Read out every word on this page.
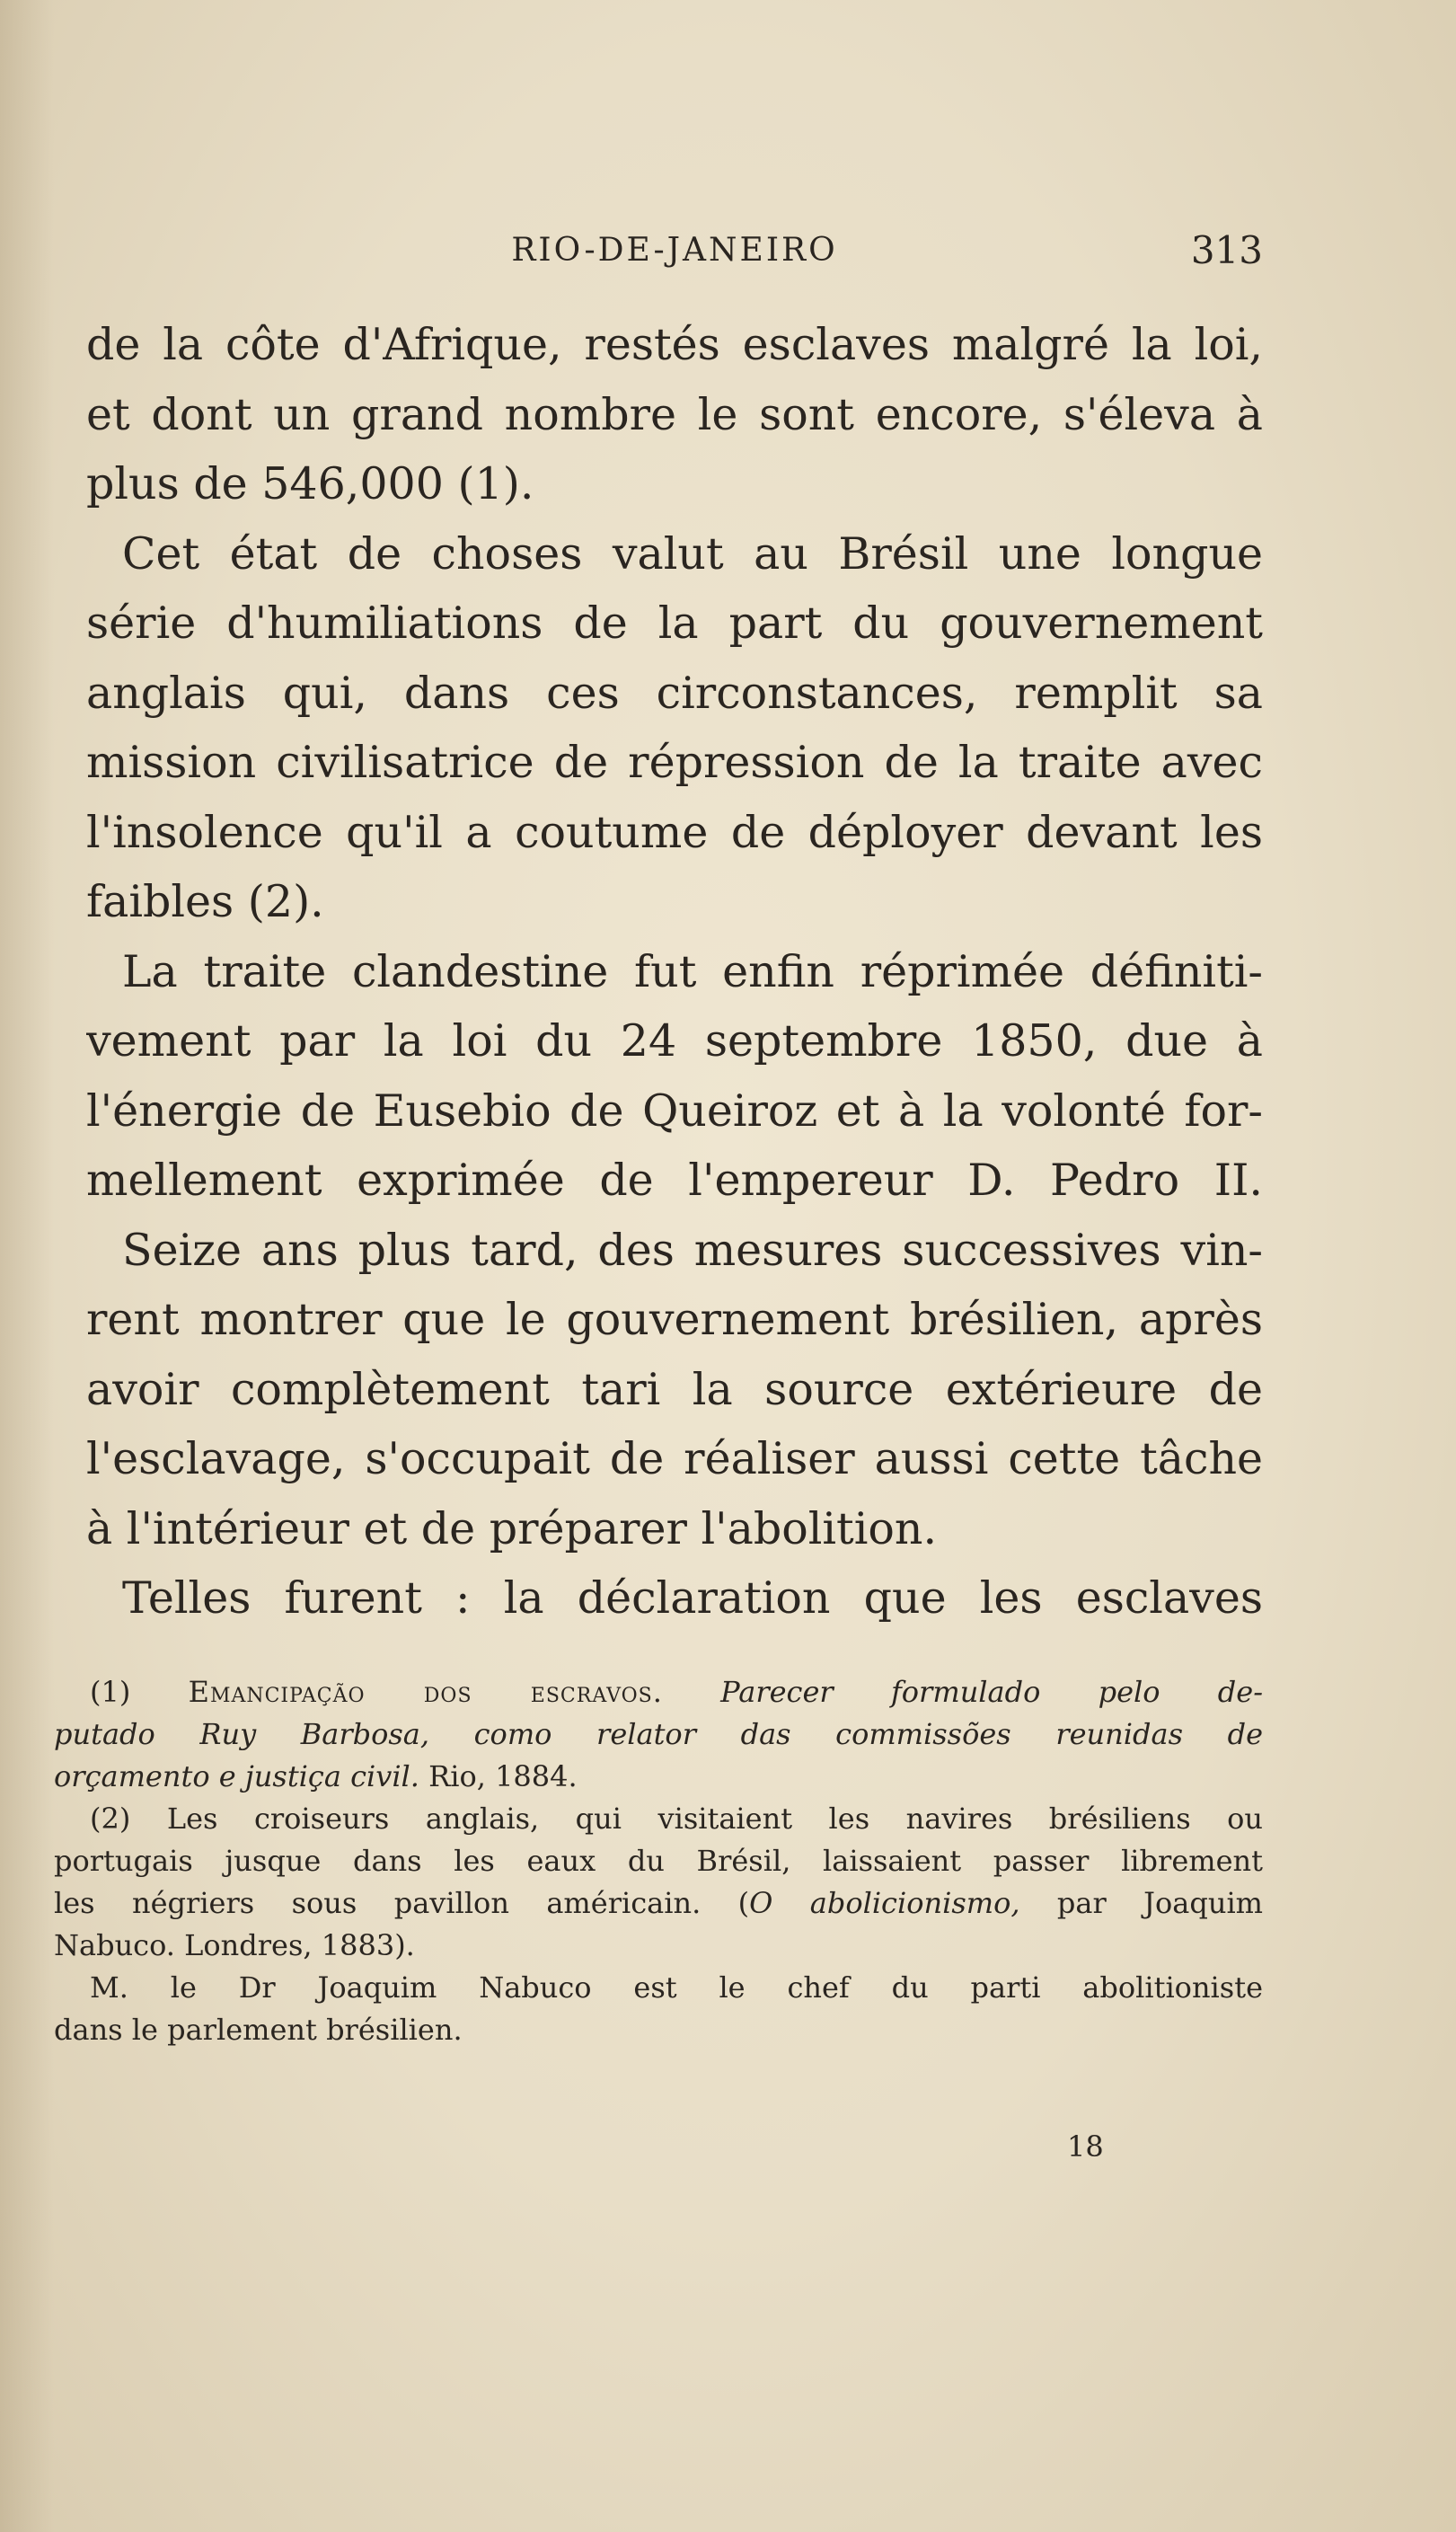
RIO-DE-JANEIRO	313
de la côte d'Afrique, restés esclaves malgré la loi,
et dont un grand nombre le sont encore, s'éleva à
plus de 546,000 (1).
Cet état de choses valut au Brésil une longue
série d'humiliations de la part du gouvernement
anglais qui, dans ces circonstances, remplit sa
mission civilisatrice de répression de la traite avec
l'insolence qu'il a coutume de déployer devant les
faibles (2).
La traite clandestine fut enfin réprimée définiti-
vement par la loi du 24 septembre 1850, due à
l'énergie de Eusebio de Queiroz et à la volonté for-
mellement exprimée de l'empereur D. Pedro II.
Seize ans plus tard, des mesures successives vin-
rent montrer que le gouvernement brésilien, après
avoir complètement tari la source extérieure de
l'esclavage, s'occupait de réaliser aussi cette tâche
à l'intérieur et de préparer l'abolition.
Telles furent : la déclaration que les esclaves
(1) Emancipação dos escravos. Parecer formulado pelo de-
putado Ruy Barbosa, como relator das commissões reunidas de
orçamento e justiça civil. Rio, 1884.
(2) Les croiseurs anglais, qui visitaient les navires brésiliens ou
portugais jusque dans les eaux du Brésil, laissaient passer librement
les négriers sous pavillon américain. (O abolicionismo, par Joaquim
Nabuco. Londres, 1883).
M. le Dr Joaquim Nabuco est le chef du parti abolitioniste
dans le parlement brésilien.
18
